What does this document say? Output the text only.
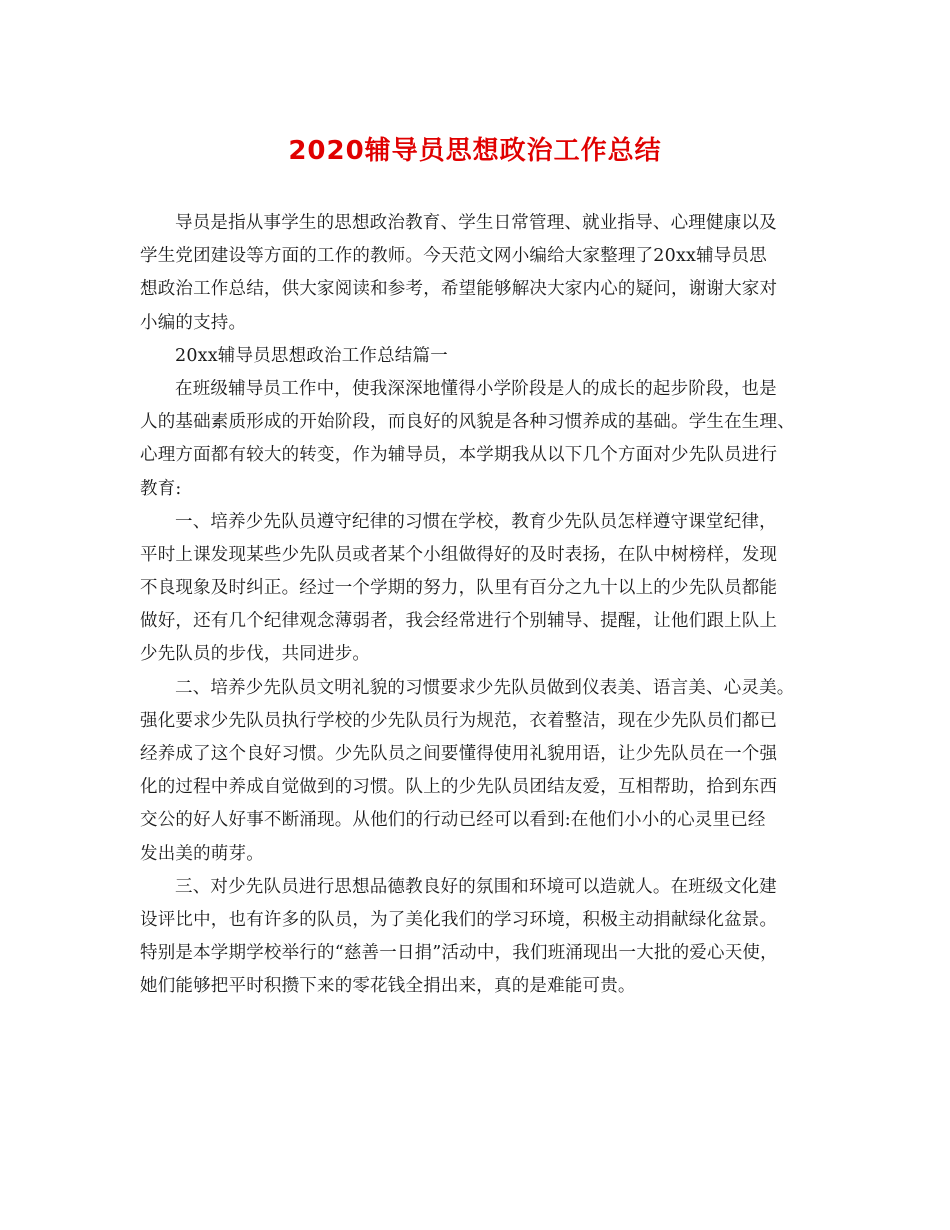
2020辅导员思想政治工作总结
导员是指从事学生的思想政治教育、学生日常管理、就业指导、心理健康以及
学生党团建设等方面的工作的教师。今天范文网小编给大家整理了20xx辅导员思
想政治工作总结，供大家阅读和参考，希望能够解决大家内心的疑问，谢谢大家对
小编的支持。
20xx辅导员思想政治工作总结篇一
在班级辅导员工作中，使我深深地懂得小学阶段是人的成长的起步阶段，也是
人的基础素质形成的开始阶段，而良好的风貌是各种习惯养成的基础。学生在生理、
心理方面都有较大的转变，作为辅导员，本学期我从以下几个方面对少先队员进行
教育:
一、培养少先队员遵守纪律的习惯在学校，教育少先队员怎样遵守课堂纪律，
平时上课发现某些少先队员或者某个小组做得好的及时表扬，在队中树榜样，发现
不良现象及时纠正。经过一个学期的努力，队里有百分之九十以上的少先队员都能
做好，还有几个纪律观念薄弱者，我会经常进行个别辅导、提醒，让他们跟上队上
少先队员的步伐，共同进步。
二、培养少先队员文明礼貌的习惯要求少先队员做到仪表美、语言美、心灵美。
强化要求少先队员执行学校的少先队员行为规范，衣着整洁，现在少先队员们都已
经养成了这个良好习惯。少先队员之间要懂得使用礼貌用语，让少先队员在一个强
化的过程中养成自觉做到的习惯。队上的少先队员团结友爱，互相帮助，拾到东西
交公的好人好事不断涌现。从他们的行动已经可以看到:在他们小小的心灵里已经
发出美的萌芽。
三、对少先队员进行思想品德教良好的氛围和环境可以造就人。在班级文化建
设评比中，也有许多的队员，为了美化我们的学习环境，积极主动捐献绿化盆景。
特别是本学期学校举行的“慈善一日捐”活动中，我们班涌现出一大批的爱心天使，
她们能够把平时积攒下来的零花钱全捐出来，真的是难能可贵。
